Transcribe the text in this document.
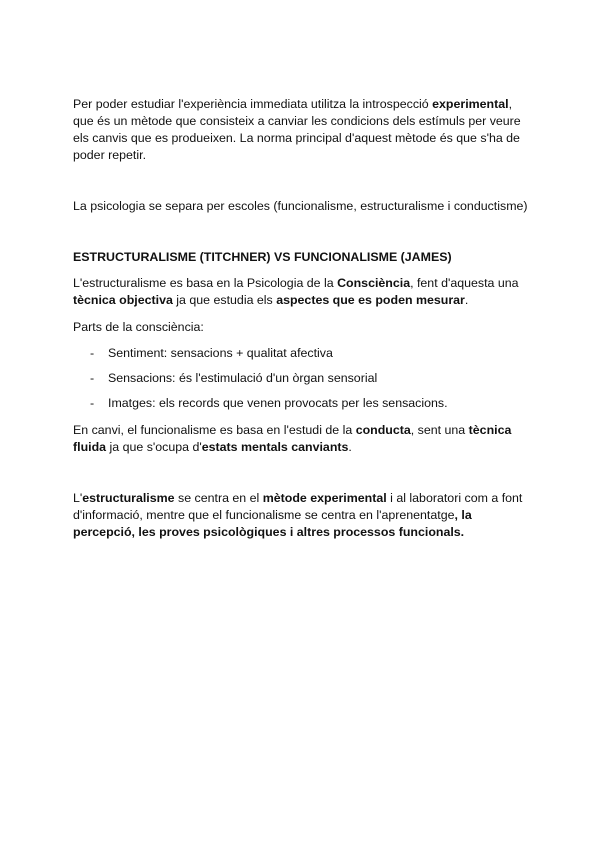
Per poder estudiar l'experiència immediata utilitza la introspecció experimental, que és un mètode que consisteix a canviar les condicions dels estímuls per veure els canvis que es produeixen. La norma principal d'aquest mètode és que s'ha de poder repetir.

La psicologia se separa per escoles (funcionalisme, estructuralisme i conductisme)

ESTRUCTURALISME (TITCHNER) VS FUNCIONALISME (JAMES)

L'estructuralisme es basa en la Psicologia de la Consciència, fent d'aquesta una tècnica objectiva ja que estudia els aspectes que es poden mesurar.

Parts de la consciència:

- Sentiment: sensacions + qualitat afectiva
- Sensacions: és l'estimulació d'un òrgan sensorial
- Imatges: els records que venen provocats per les sensacions.

En canvi, el funcionalisme es basa en l'estudi de la conducta, sent una tècnica fluida ja que s'ocupa d'estats mentals canviants.

L'estructuralisme se centra en el mètode experimental i al laboratori com a font d'informació, mentre que el funcionalisme se centra en l'aprenentatge, la percepció, les proves psicològiques i altres processos funcionals.
